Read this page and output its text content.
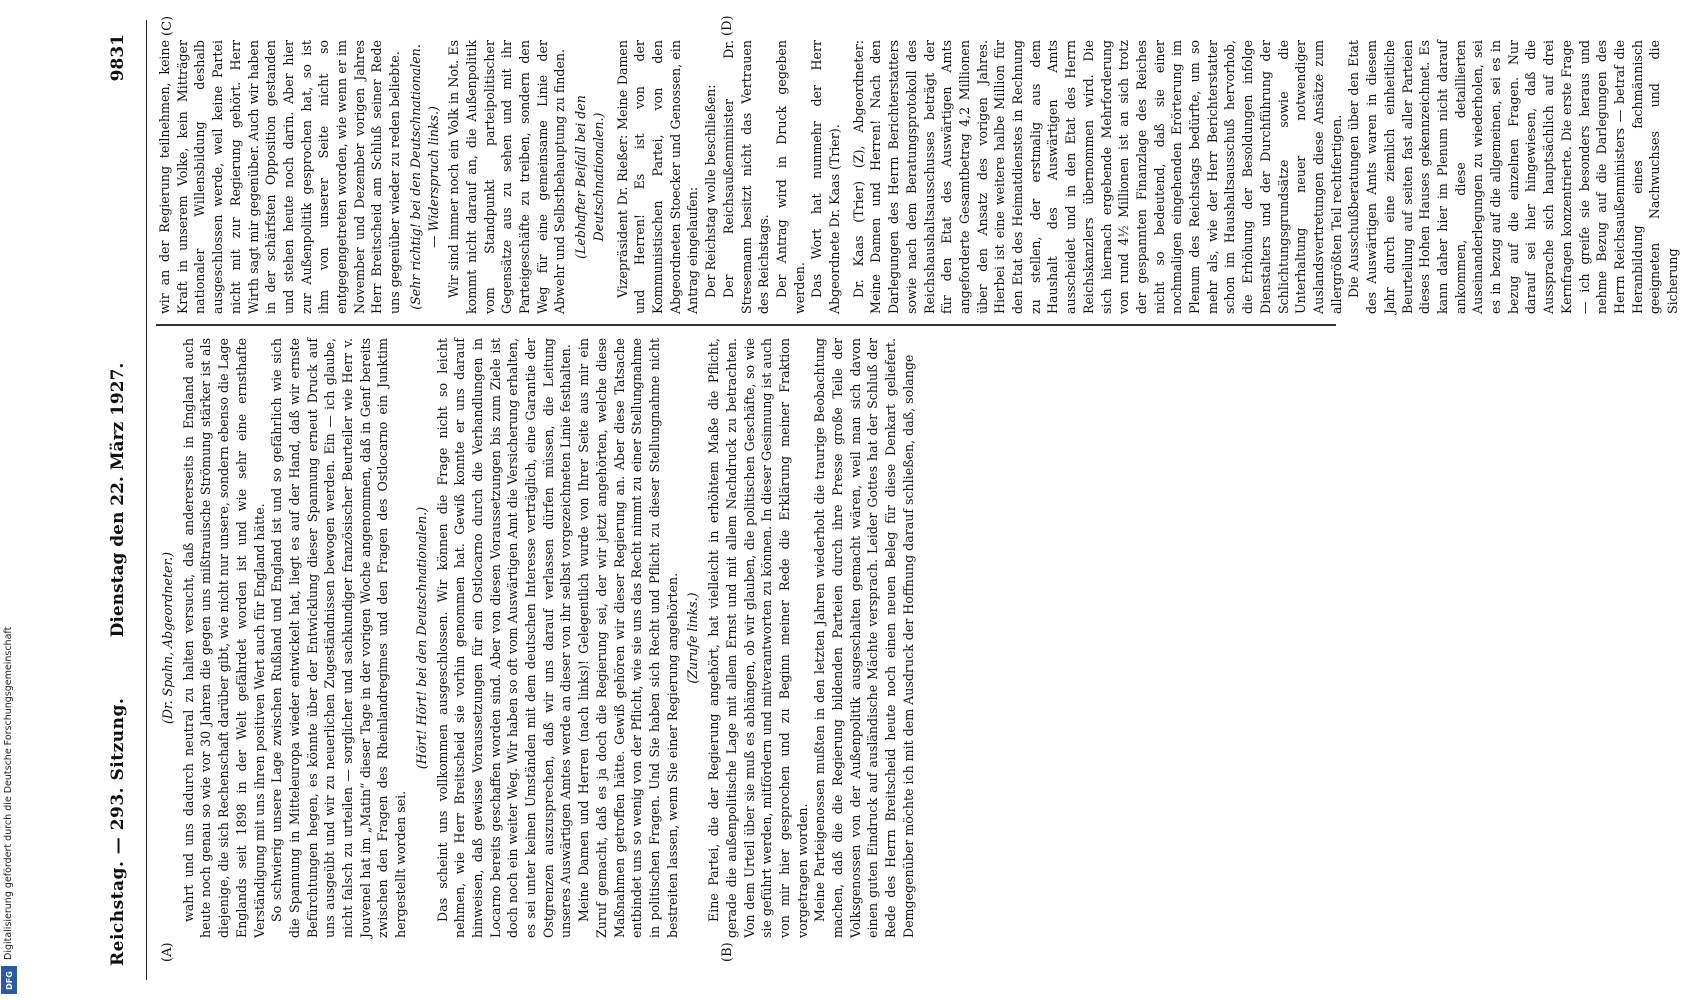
Reichstag. — 293. Sitzung.
Dienstag den 22. März 1927.
9831
(A)	(B)
(C)	(D)

(Dr. Spahn, Abgeordneter.) wahrt und uns dadurch neutral zu halten versucht, daß andererseits in England auch heute noch genau so wie vor 30 Jahren die gegen uns mißtrauische Strömung stärker ist als diejenige, die sich Rechenschaft darüber gibt, wie nicht nur unsere, sondern ebenso die Lage Englands seit 1898 in der Welt gefährdet worden ist und wie sehr eine ernsthafte Verständigung mit uns ihren positiven Wert auch für England hätte. So schwierig unsere Lage zwischen Rußland und England ist und so gefährlich wie sich die Spannung in Mitteleuropa wieder entwickelt hat, liegt es auf der Hand, daß wir ernste Befürchtungen hegen, es könnte über der Entwicklung dieser Spannung erneut Druck auf uns ausgeübt und wir zu neuerlichen Zugeständnissen bewogen werden. Ein — ich glaube, nicht falsch zu urteilen — sorglicher und sachkundiger französischer Beurteiler wie Herr v. Jouvenel hat im „Matin“ dieser Tage in der vorigen Woche angenommen, daß in Genf bereits zwischen den Fragen des Rheinlandregimes und den Fragen des Ostlocarno ein Junktim hergestellt worden sei.

(Hört! Hört! bei den Deutschnationalen.) Das scheint uns vollkommen ausgeschlossen. Wir können die Frage nicht so leicht nehmen, wie Herr Breitscheid sie vorhin genommen hat. Gewiß konnte er uns darauf hinweisen, daß gewisse Voraussetzungen für ein Ostlocarno durch die Verhandlungen in Locarno bereits geschaffen worden sind. Aber von diesen Voraussetzungen bis zum Ziele ist doch noch ein weiter Weg. Wir haben so oft vom Auswärtigen Amt die Versicherung erhalten, es sei unter keinen Umständen mit dem deutschen Interesse verträglich, eine Garantie der Ostgrenzen auszusprechen, daß wir uns darauf verlassen dürfen müssen, die Leitung unseres Auswärtigen Amtes werde an dieser von ihr selbst vorgezeichneten Linie festhalten. Meine Damen und Herren (nach links)! Gelegentlich wurde von Ihrer Seite aus mir ein Zuruf gemacht, daß es ja doch die Regierung sei, der wir jetzt angehörten, welche diese Maßnahmen getroffen hätte. Gewiß gehören wir dieser Regierung an. Aber diese Tatsache entbindet uns so wenig von der Pflicht, wie sie uns das Recht nimmt zu einer Stellungnahme in politischen Fragen. Und Sie haben sich Recht und Pflicht zu dieser Stellungnahme nicht bestreiten lassen, wenn Sie einer Regierung angehörten. (Zurufe links.) Eine Partei, die der Regierung angehört, hat vielleicht in erhöhtem Maße die Pflicht, gerade die außenpolitische Lage mit allem Ernst und mit allem Nachdruck zu betrachten. Von dem Urteil über sie muß es abhängen, ob wir glauben, die politischen Geschäfte, so wie sie geführt werden, mitfördern und mitverantworten zu können. In dieser Gesinnung ist auch von mir hier gesprochen und zu Beginn meiner Rede die Erklärung meiner Fraktion vorgetragen worden. Meine Parteigenossen mußten in den letzten Jahren wiederholt die traurige Beobachtung machen, daß die die Regierung bildenden Parteien durch ihre Presse große Teile der Volksgenossen von der Außenpolitik ausgeschalten gemacht wären, weil man sich davon einen guten Eindruck auf ausländische Mächte versprach. Leider Gottes hat der Schluß der Rede des Herrn Breitscheid heute noch einen neuen Beleg für diese Denkart geliefert. Demgegenüber möchte ich mit dem Ausdruck der Hoffnung darauf schließen, daß, solange

wir an der Regierung teilnehmen, keine Kraft in unserem Volke, kein Mitträger nationaler Willensbildung deshalb ausgeschlossen werde, weil keine Partei nicht mit zur Regierung gehört. Herr Wirth sagt mir gegenüber. Auch wir haben in der schärfsten Opposition gestanden und stehen heute noch darin. Aber hier zur Außenpolitik gesprochen hat, so ist ihm von unserer Seite nicht so entgegengetreten worden, wie wenn er im November und Dezember vorigen Jahres Herr Breitscheid am Schluß seiner Rede uns gegenüber wieder zu reden beliebte. (Sehr richtig! bei den Deutschnationalen. — Widerspruch links.) Wir sind immer noch ein Volk in Not. Es kommt nicht darauf an, die Außenpolitik vom Standpunkt parteipolitischer Gegensätze aus zu sehen und mit ihr Parteigeschäfte zu treiben, sondern den Weg für eine gemeinsame Linie der Abwehr und Selbstbehauptung zu finden. (Lebhafter Beifall bei den Deutschnationalen.) Vizepräsident Dr. Rießer: Meine Damen und Herren! Es ist von der Kommunistischen Partei, von den Abgeordneten Stoecker und Genossen, ein Antrag eingelaufen: Der Reichstag wolle beschließen: Der Reichsaußenminister Dr. Stresemann besitzt nicht das Vertrauen des Reichstags. Der Antrag wird in Druck gegeben werden. Das Wort hat nunmehr der Herr Abgeordnete Dr. Kaas (Trier). Dr. Kaas (Trier) (Z), Abgeordneter: Meine Damen und Herren! Nach den Darlegungen des Herrn Berichterstatters sowie nach dem Beratungsprotokoll des Reichshaushaltsausschusses beträgt der für den Etat des Auswärtigen Amts angeforderte Gesamtbetrag 4,2 Millionen über den Ansatz des vorigen Jahres. Hierbei ist eine weitere halbe Million für den Etat des Heimatdienstes in Rechnung zu stellen, der erstmalig aus dem Haushalt des Auswärtigen Amts ausscheidet und in den Etat des Herrn Reichskanzlers übernommen wird. Die sich hiernach ergebende Mehrforderung von rund 4½ Millionen ist an sich trotz der gespannten Finanzlage des Reiches nicht so bedeutend, daß sie einer nochmaligen eingehenden Erörterung im Plenum des Reichstags bedürfte, um so mehr als, wie der Herr Berichterstatter schon im Haushaltsausschuß hervorhob, die Erhöhung der Besoldungen infolge Dienstalters und der Durchführung der Schlichtungsgrundsätze sowie die Unterhaltung neuer notwendiger Auslandsvertretungen diese Ansätze zum allergrößten Teil rechtfertigen. Die Ausschußberatungen über den Etat des Auswärtigen Amts waren in diesem Jahr durch eine ziemlich einheitliche Beurteilung auf seiten fast aller Parteien dieses Hohen Hauses gekennzeichnet. Es kann daher hier im Plenum nicht darauf ankommen, diese detaillierten Auseinanderlegungen zu wiederholen, sei es in bezug auf die allgemeinen, sei es in bezug auf die einzelnen Fragen. Nur darauf sei hier hingewiesen, daß die Aussprache sich hauptsächlich auf drei Kernfragen konzentrierte. Die erste Frage — ich greife sie besonders heraus und nehme Bezug auf die Darlegungen des Herrn Reichsaußenministers — betraf die Heranbildung eines fachmännisch geeigneten Nachwuchses und die Sicherung

DFG
Digitalisierung gefördert durch die Deutsche Forschungsgemeinschaft
